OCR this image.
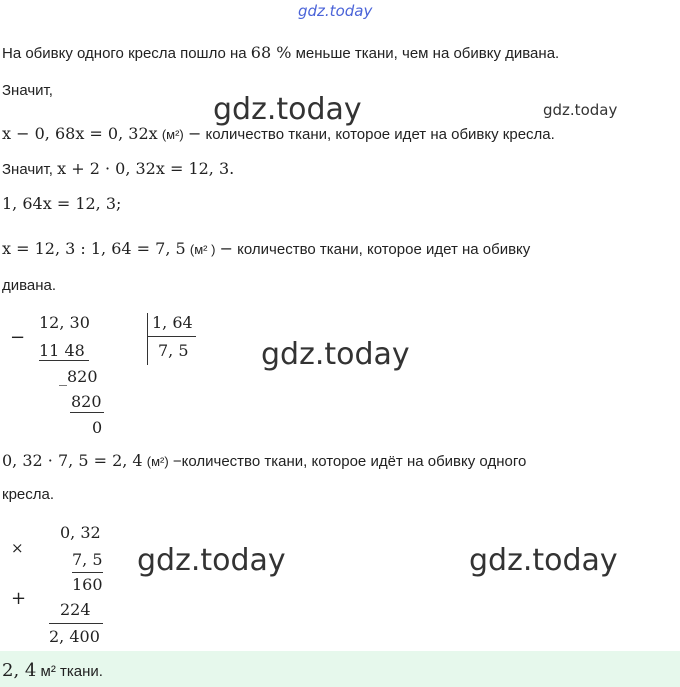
gdz.today
gdz.today	gdz.today
gdz.today
gdz.today	gdz.today
На обивку одного кресла пошло на 68 % меньше ткани, чем на обивку дивана.
Значит,
x − 0, 68x = 0, 32x (м²) − количество ткани, которое идет на обивку кресла.
Значит, x + 2 · 0, 32x = 12, 3.
1, 64x = 12, 3;
x = 12, 3 : 1, 64 = 7, 5 (м² ) − количество ткани, которое идет на обивку
дивана.
−
12, 30
11 48
_820
820
0
1, 64
7, 5
0, 32 · 7, 5 = 2, 4 (м²) −количество ткани, которое идёт на обивку одного
кресла.
×
0, 32
7, 5
160
+
224
2, 400
2, 4 м² ткани.
